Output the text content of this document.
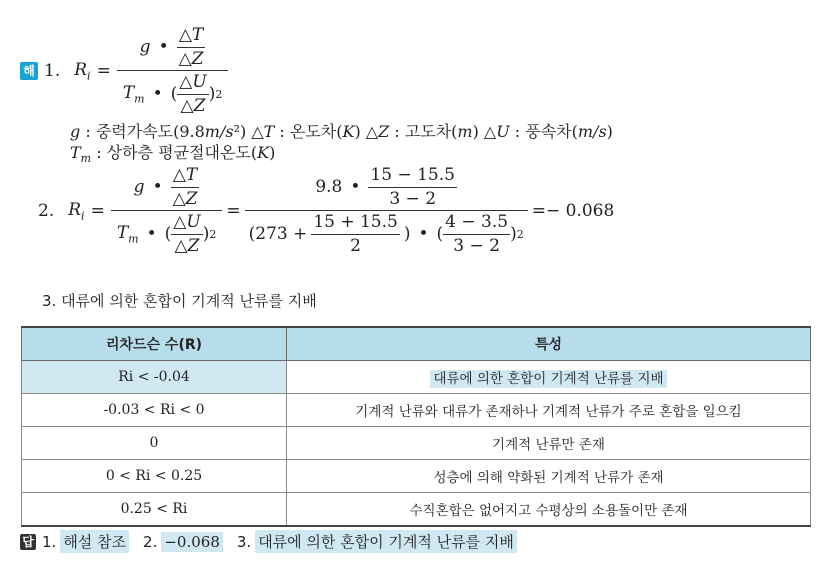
해 1. $R_i$ =
g • $\frac{\triangle T}{\triangle Z}$
$T_m$ • ( $\frac{\triangle U}{\triangle Z}$ ) 2
g : 중력가속도(9.8m/s²) △T : 온도차(K) △Z : 고도차(m) △U : 풍속차(m/s)
$T_m$ : 상하층 평균절대온도(K)
2. $R_i$ =
g • $\frac{\triangle T}{\triangle Z}$
$T_m$ • ( $\frac{\triangle U}{\triangle Z}$ ) 2
=
9.8 • $\frac{15 - 15.5}{3 - 2}$
($273 + \frac{15 + 15.5}{2}$ ) • ( $\frac{4 - 3.5}{3 - 2}$ ) 2
=− 0.068
3. 대류에 의한 혼합이 기계적 난류를 지배
리차드슨 수(R)	특성
Ri < -0.04	대류에 의한 혼합이 기계적 난류를 지배
-0.03 < Ri < 0	기계적 난류와 대류가 존재하나 기계적 난류가 주로 혼합을 일으킴
0	기계적 난류만 존재
0 < Ri < 0.25	성층에 의해 약화된 기계적 난류가 존재
0.25 < Ri	수직혼합은 없어지고 수평상의 소용돌이만 존재
답 1. 해설 참조 2. −0.068 3. 대류에 의한 혼합이 기계적 난류를 지배
